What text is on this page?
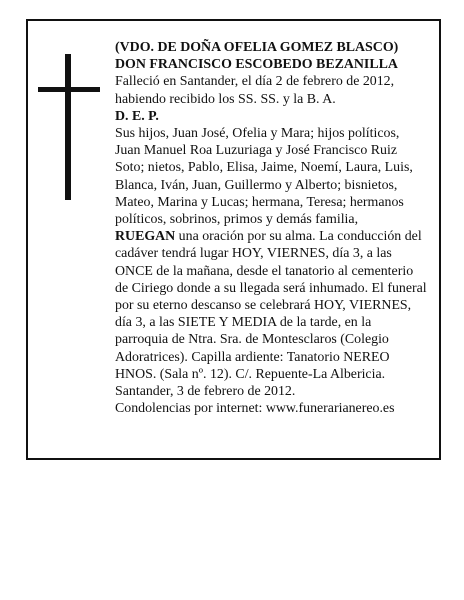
(VDO. DE DOÑA OFELIA GOMEZ BLASCO)
DON FRANCISCO ESCOBEDO BEZANILLA
Falleció en Santander, el día 2 de febrero de 2012,
habiendo recibido los SS. SS. y la B. A.
D. E. P.
Sus hijos, Juan José, Ofelia y Mara; hijos políticos,
Juan Manuel Roa Luzuriaga y José Francisco Ruiz
Soto; nietos, Pablo, Elisa, Jaime, Noemí, Laura, Luis,
Blanca, Iván, Juan, Guillermo y Alberto; bisnietos,
Mateo, Marina y Lucas; hermana, Teresa; hermanos
políticos, sobrinos, primos y demás familia,
RUEGAN una oración por su alma. La conducción del
cadáver tendrá lugar HOY, VIERNES, día 3, a las
ONCE de la mañana, desde el tanatorio al cementerio
de Ciriego donde a su llegada será inhumado. El funeral
por su eterno descanso se celebrará HOY, VIERNES,
día 3, a las SIETE Y MEDIA de la tarde, en la
parroquia de Ntra. Sra. de Montesclaros (Colegio
Adoratrices). Capilla ardiente: Tanatorio NEREO
HNOS. (Sala nº. 12). C/. Repuente-La Albericia.
Santander, 3 de febrero de 2012.
Condolencias por internet: www.funerarianereo.es
